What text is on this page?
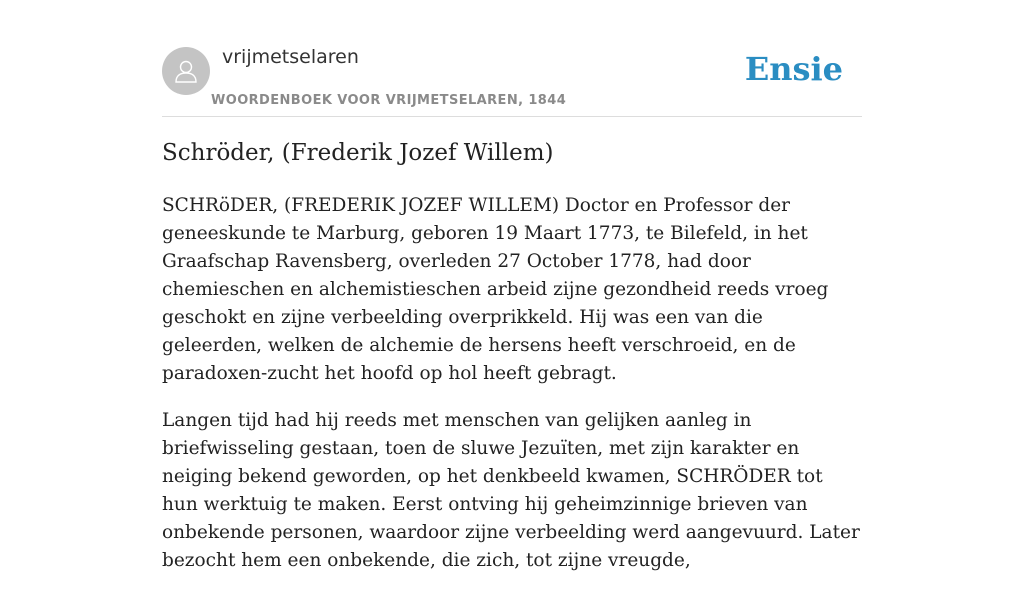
vrijmetselaren
WOORDENBOEK VOOR VRIJMETSELAREN, 1844
Ensie
Schröder, (Frederik Jozef Willem)

SCHRöDER, (FREDERIK JOZEF WILLEM) Doctor en Professor der geneeskunde te Marburg, geboren 19 Maart 1773, te Bilefeld, in het Graafschap Ravensberg, overleden 27 October 1778, had door chemieschen en alchemistieschen arbeid zijne gezondheid reeds vroeg geschokt en zijne verbeelding overprikkeld. Hij was een van die geleerden, welken de alchemie de hersens heeft verschroeid, en de paradoxen-zucht het hoofd op hol heeft gebragt.

Langen tijd had hij reeds met menschen van gelijken aanleg in briefwisseling gestaan, toen de sluwe Jezuïten, met zijn karakter en neiging bekend geworden, op het denkbeeld kwamen, SCHRÖDER tot hun werktuig te maken. Eerst ontving hij geheimzinnige brieven van onbekende personen, waardoor zijne verbeelding werd aangevuurd. Later bezocht hem een onbekende, die zich, tot zijne vreugde,
